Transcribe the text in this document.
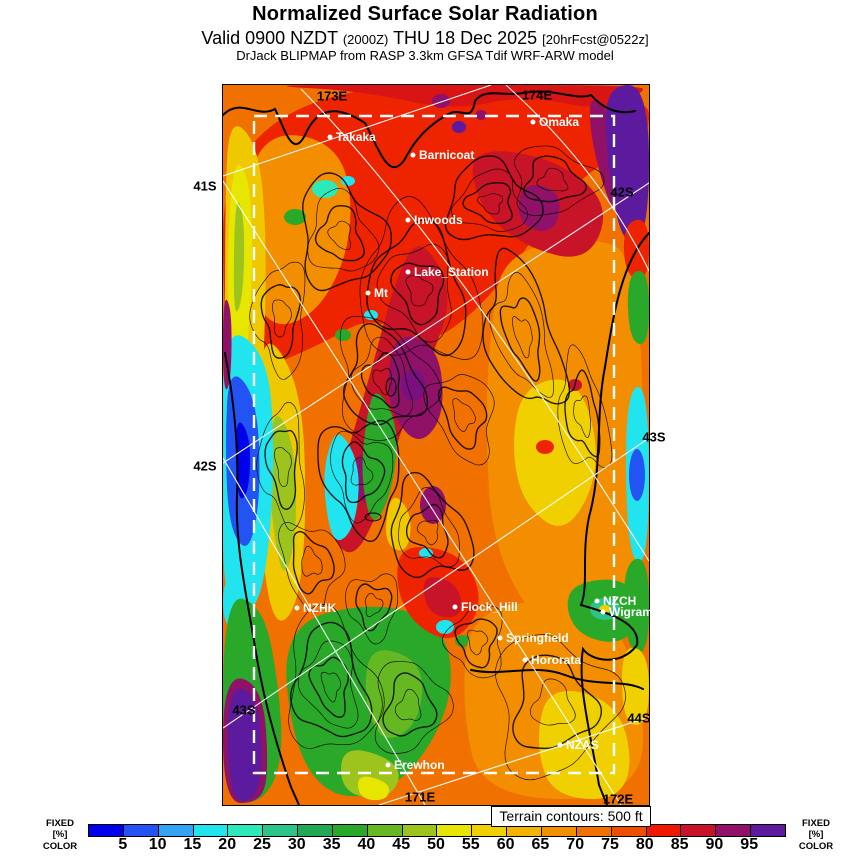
Normalized Surface Solar Radiation
Valid 0900 NZDT (2000Z) THU 18 Dec 2025 [20hrFcst@0522z]
DrJack BLIPMAP from RASP 3.3km GFSA Tdif WRF-ARW model
173E	174E
41S
42S
42S
43S
43S
44S
171E	172E
Takaka
Omaka
Barnicoat
Inwoods
Lake_Station
Mt
NZHK	Flock_Hill	NZCH
Wigram
Springfield
Hororata
NZAS
Erewhon
Terrain contours: 500 ft
FIXED
[%]
COLOR	5 10 15 20 25 30 35 40 45 50 55 60 65 70 75 80 85 90 95
FIXED
[%]
COLOR
